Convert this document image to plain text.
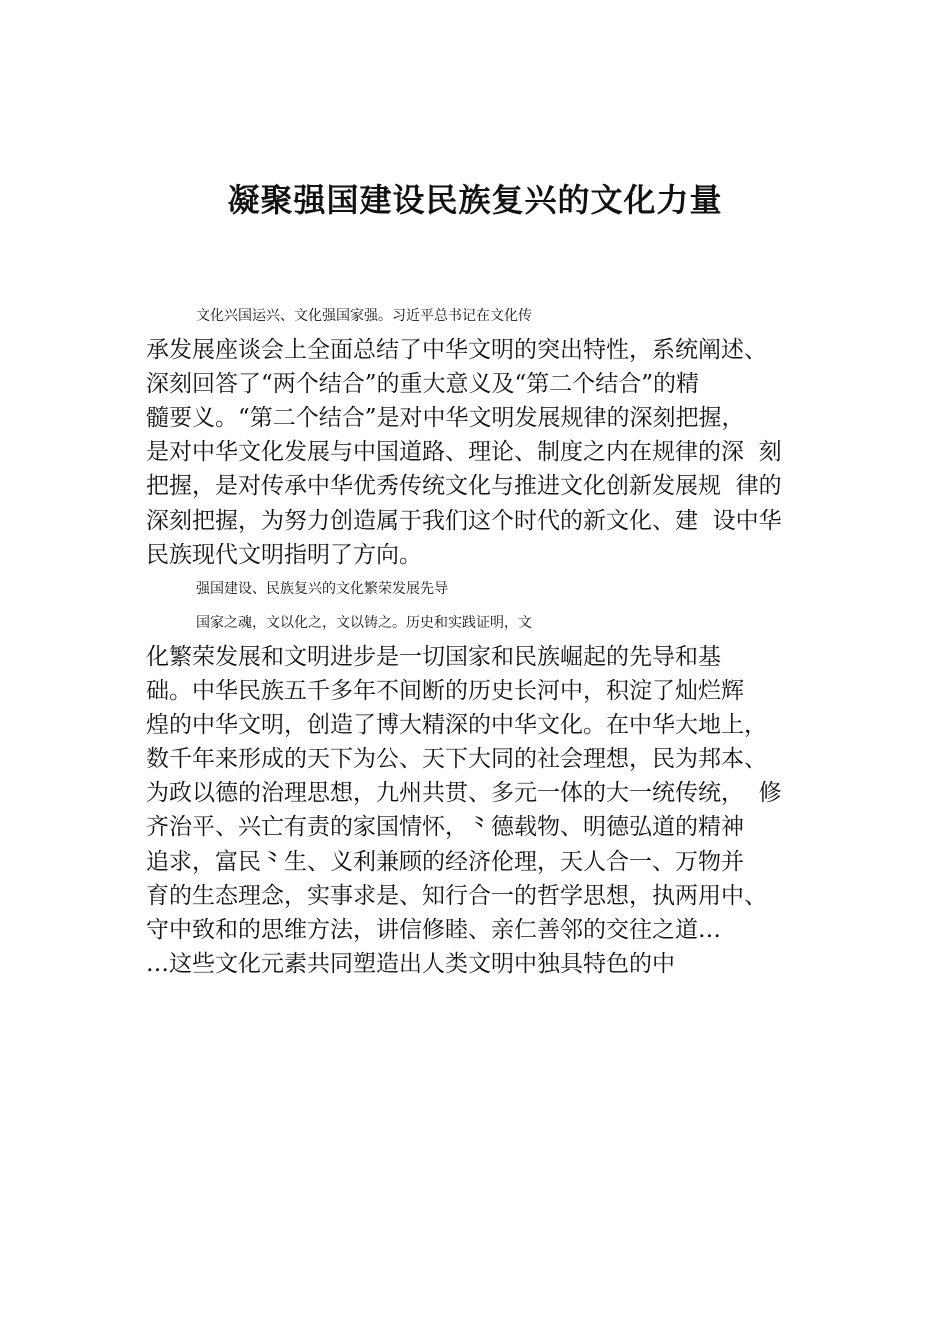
凝聚强国建设民族复兴的文化力量
文化兴国运兴、文化强国家强。习近平总书记在文化传
承发展座谈会上全面总结了中华文明的突出特性，系统阐述、
深刻回答了“两个结合”的重大意义及“第二个结合”的精
髓要义。“第二个结合”是对中华文明发展规律的深刻把握，
是对中华文化发展与中国道路、理论、制度之内在规律的深  刻
把握，是对传承中华优秀传统文化与推进文化创新发展规  律的
深刻把握，为努力创造属于我们这个时代的新文化、建  设中华
民族现代文明指明了方向。
强国建设、民族复兴的文化繁荣发展先导
国家之魂，文以化之，文以铸之。历史和实践证明，文
化繁荣发展和文明进步是一切国家和民族崛起的先导和基
础。中华民族五千多年不间断的历史长河中，积淀了灿烂辉
煌的中华文明，创造了博大精深的中华文化。在中华大地上，
数千年来形成的天下为公、天下大同的社会理想，民为邦本、
为政以德的治理思想，九州共贯、多元一体的大一统传统，  修
齐治平、兴亡有责的家国情怀，⺀德载物、明德弘道的精神
追求，富民⺀生、义利兼顾的经济伦理，天人合一、万物并
育的生态理念，实事求是、知行合一的哲学思想，执两用中、
守中致和的思维方法，讲信修睦、亲仁善邻的交往之道…
…这些文化元素共同塑造出人类文明中独具特色的中
